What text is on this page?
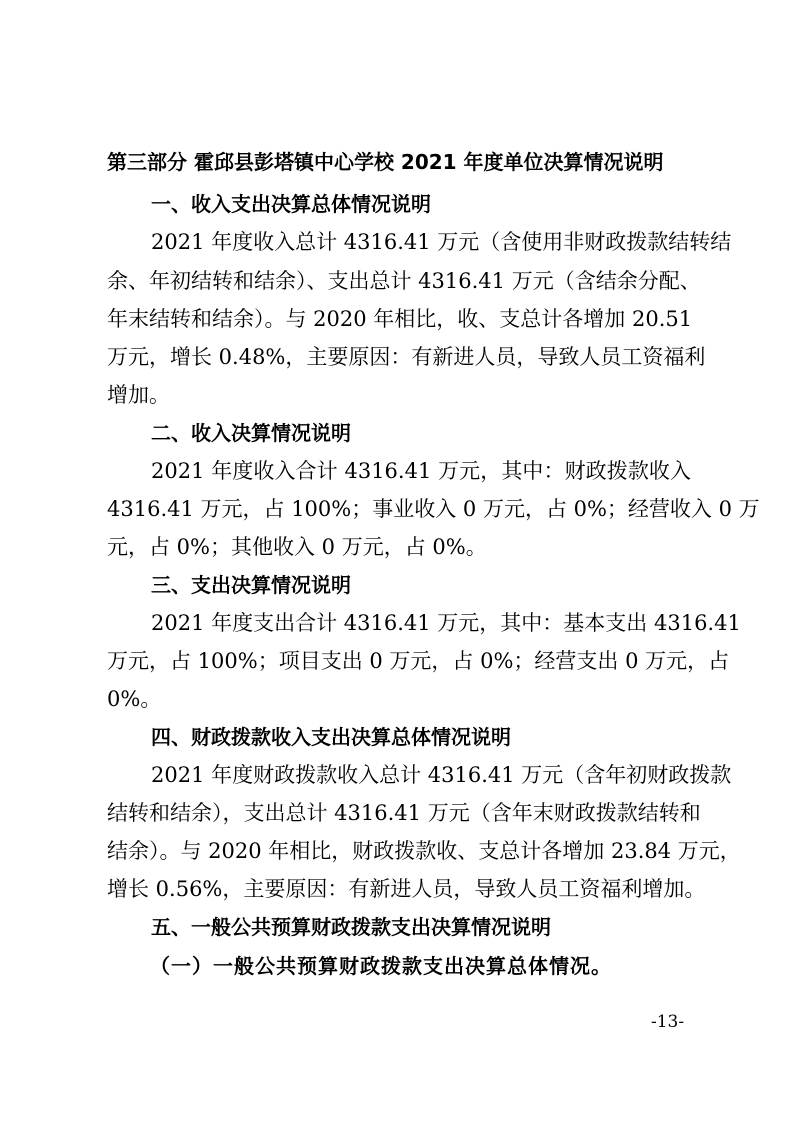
第三部分 霍邱县彭塔镇中心学校 2021 年度单位决算情况说明
一、收入支出决算总体情况说明
2021 年度收入总计 4316.41 万元（含使用非财政拨款结转结
余、年初结转和结余）、支出总计 4316.41 万元（含结余分配、
年末结转和结余）。与 2020 年相比，收、支总计各增加 20.51
万元，增长 0.48%，主要原因：有新进人员，导致人员工资福利
增加。
二、收入决算情况说明
2021 年度收入合计 4316.41 万元，其中：财政拨款收入
4316.41 万元，占 100%；事业收入 0 万元，占 0%；经营收入 0 万
元，占 0%；其他收入 0 万元，占 0%。
三、支出决算情况说明
2021 年度支出合计 4316.41 万元，其中：基本支出 4316.41
万元，占 100%；项目支出 0 万元，占 0%；经营支出 0 万元，占
0%。
四、财政拨款收入支出决算总体情况说明
2021 年度财政拨款收入总计 4316.41 万元（含年初财政拨款
结转和结余），支出总计 4316.41 万元（含年末财政拨款结转和
结余）。与 2020 年相比，财政拨款收、支总计各增加 23.84 万元，
增长 0.56%，主要原因：有新进人员，导致人员工资福利增加。
五、一般公共预算财政拨款支出决算情况说明
（一）一般公共预算财政拨款支出决算总体情况。
-13-
